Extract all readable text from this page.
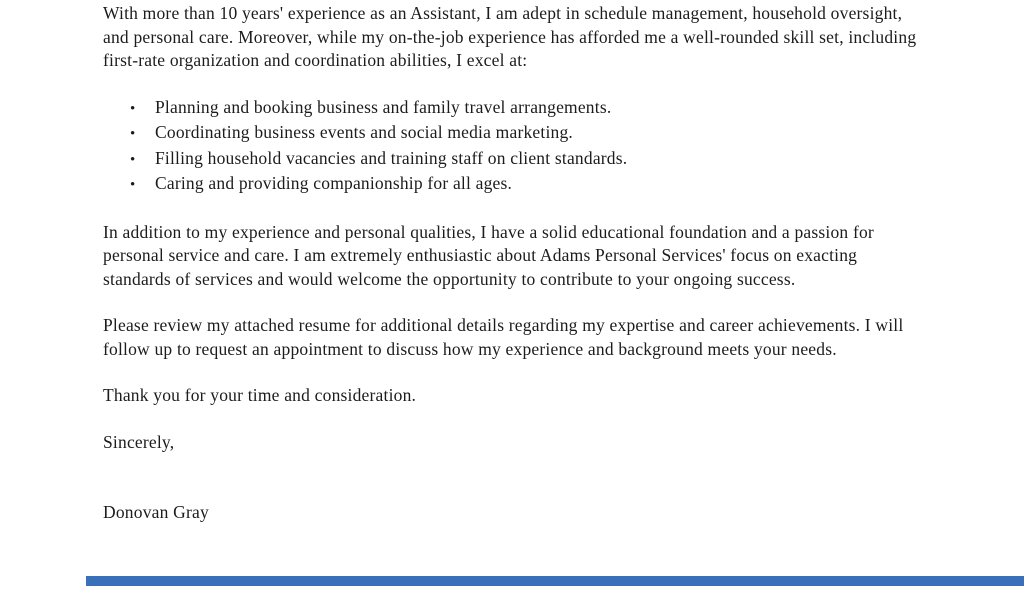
With more than 10 years' experience as an Assistant, I am adept in schedule management, household oversight, and personal care. Moreover, while my on-the-job experience has afforded me a well-rounded skill set, including first-rate organization and coordination abilities, I excel at:

•	Planning and booking business and family travel arrangements.
•	Coordinating business events and social media marketing.
•	Filling household vacancies and training staff on client standards.
•	Caring and providing companionship for all ages.

In addition to my experience and personal qualities, I have a solid educational foundation and a passion for personal service and care. I am extremely enthusiastic about Adams Personal Services' focus on exacting standards of services and would welcome the opportunity to contribute to your ongoing success.

Please review my attached resume for additional details regarding my expertise and career achievements. I will follow up to request an appointment to discuss how my experience and background meets your needs.

Thank you for your time and consideration.

Sincerely,

Donovan Gray
